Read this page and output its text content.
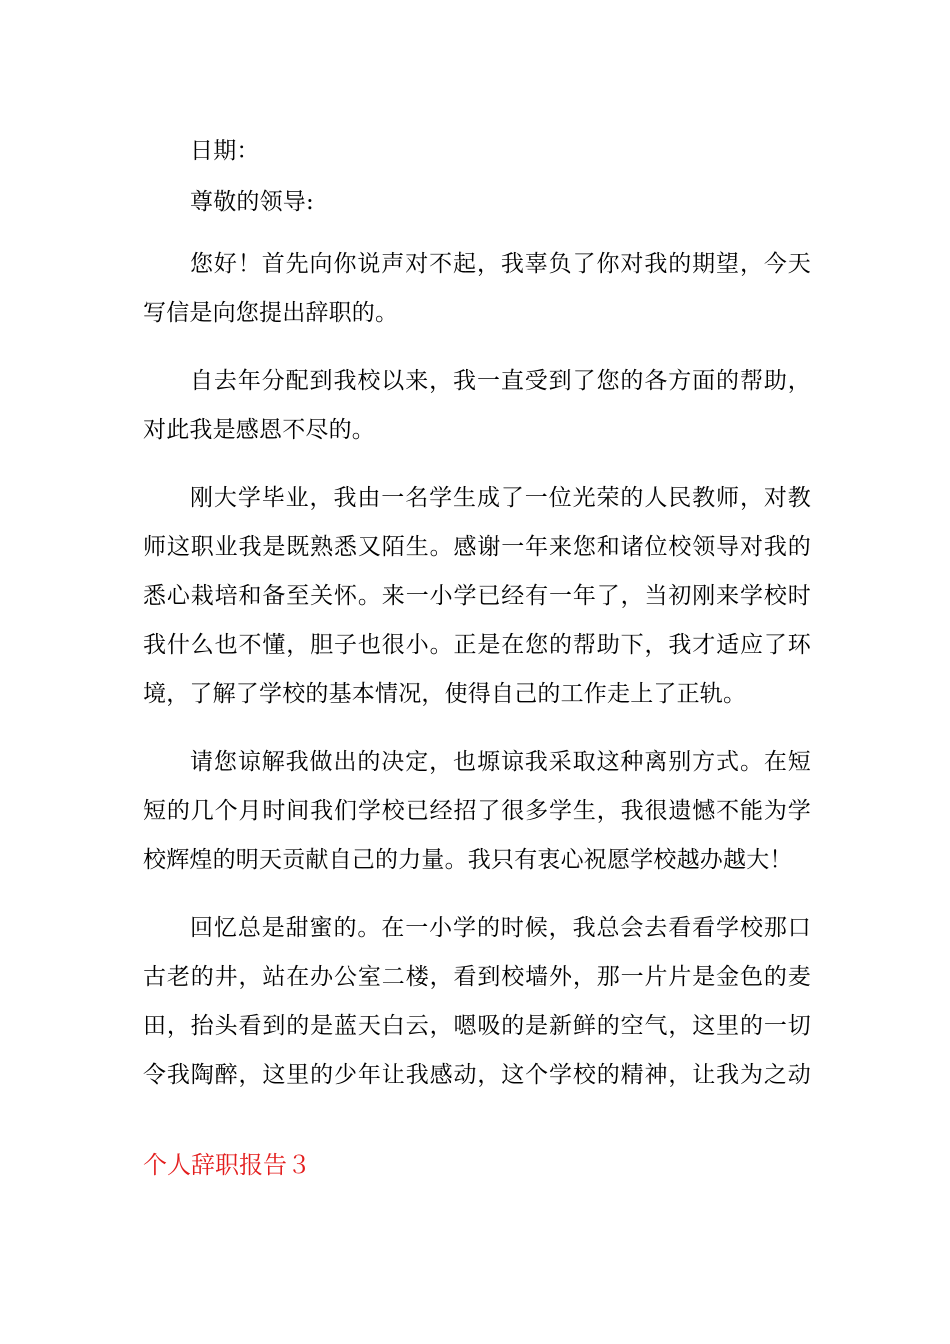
日期：
尊敬的领导:
您好！首先向你说声对不起，我辜负了你对我的期望，今天
写信是向您提出辞职的。
自去年分配到我校以来，我一直受到了您的各方面的帮助，
对此我是感恩不尽的。
刚大学毕业，我由一名学生成了一位光荣的人民教师，对教
师这职业我是既熟悉又陌生。感谢一年来您和诸位校领导对我的
悉心栽培和备至关怀。来一小学已经有一年了，当初刚来学校时
我什么也不懂，胆子也很小。正是在您的帮助下，我才适应了环
境，了解了学校的基本情况，使得自己的工作走上了正轨。
请您谅解我做出的决定，也塬谅我采取这种离别方式。在短
短的几个月时间我们学校已经招了很多学生，我很遗憾不能为学
校辉煌的明天贡献自己的力量。我只有衷心祝愿学校越办越大！
回忆总是甜蜜的。在一小学的时候，我总会去看看学校那口
古老的井，站在办公室二楼，看到校墙外，那一片片是金色的麦
田，抬头看到的是蓝天白云，嗯吸的是新鲜的空气，这里的一切
令我陶醉，这里的少年让我感动，这个学校的精神，让我为之动
个人辞职报告３
